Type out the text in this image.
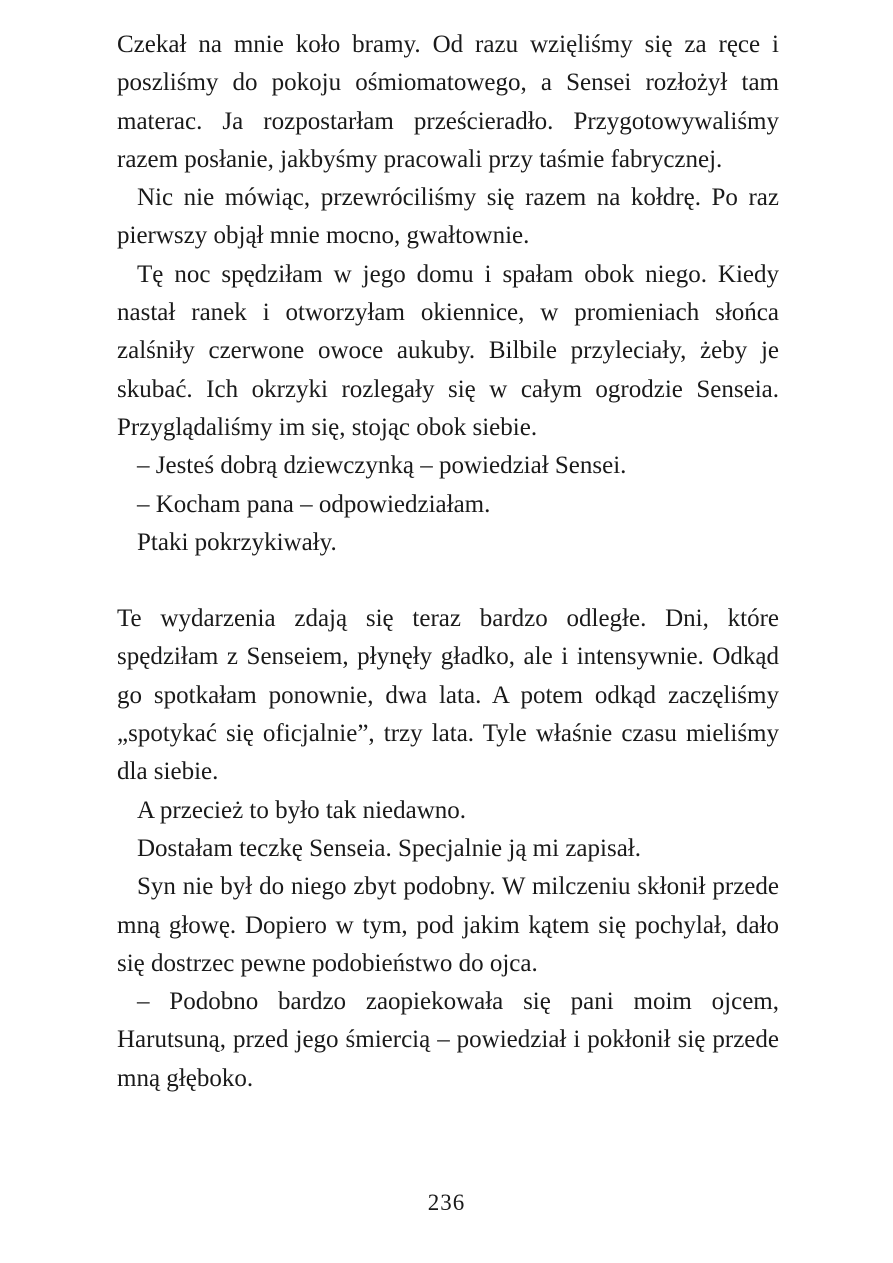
Czekał na mnie koło bramy. Od razu wzięliśmy się za ręce i poszliśmy do pokoju ośmiomatowego, a Sensei rozłożył tam materac. Ja rozpostarłam prześcieradło. Przygotowywaliśmy razem posłanie, jakbyśmy pracowali przy taśmie fabrycznej.

Nic nie mówiąc, przewróciliśmy się razem na kołdrę. Po raz pierwszy objął mnie mocno, gwałtownie.

Tę noc spędziłam w jego domu i spałam obok niego. Kiedy nastał ranek i otworzyłam okiennice, w promieniach słońca zalśniły czerwone owoce aukuby. Bilbile przyleciały, żeby je skubać. Ich okrzyki rozlegały się w całym ogrodzie Senseia. Przyglądaliśmy im się, stojąc obok siebie.

– Jesteś dobrą dziewczynką – powiedział Sensei.

– Kocham pana – odpowiedziałam.

Ptaki pokrzykiwały.

Te wydarzenia zdają się teraz bardzo odległe. Dni, które spędziłam z Senseiem, płynęły gładko, ale i intensywnie. Odkąd go spotkałam ponownie, dwa lata. A potem odkąd zaczęliśmy „spotykać się oficjalnie”, trzy lata. Tyle właśnie czasu mieliśmy dla siebie.

A przecież to było tak niedawno.

Dostałam teczkę Senseia. Specjalnie ją mi zapisał.

Syn nie był do niego zbyt podobny. W milczeniu skłonił przede mną głowę. Dopiero w tym, pod jakim kątem się pochylał, dało się dostrzec pewne podobieństwo do ojca.

– Podobno bardzo zaopiekowała się pani moim ojcem, Harutsuną, przed jego śmiercią – powiedział i pokłonił się przede mną głęboko.

236
